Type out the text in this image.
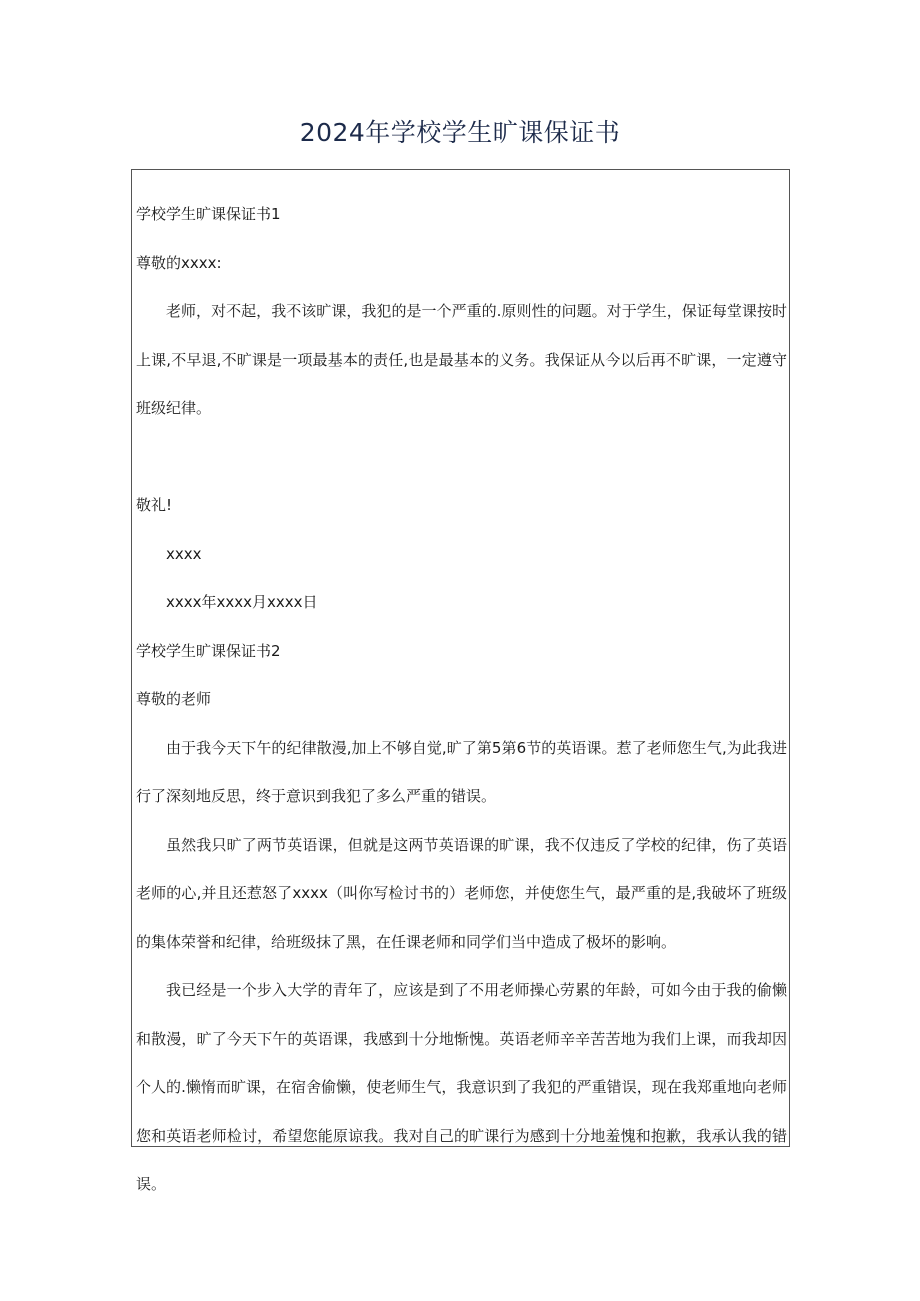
2024年学校学生旷课保证书

学校学生旷课保证书1

尊敬的xxxx:

老师，对不起，我不该旷课，我犯的是一个严重的.原则性的问题。对于学生，保证每堂课按时上课,不早退,不旷课是一项最基本的责任,也是最基本的义务。我保证从今以后再不旷课，一定遵守班级纪律。

敬礼!

xxxx

xxxx年xxxx月xxxx日

学校学生旷课保证书2

尊敬的老师

由于我今天下午的纪律散漫,加上不够自觉,旷了第5第6节的英语课。惹了老师您生气,为此我进行了深刻地反思，终于意识到我犯了多么严重的错误。

虽然我只旷了两节英语课，但就是这两节英语课的旷课，我不仅违反了学校的纪律，伤了英语老师的心,并且还惹怒了xxxx（叫你写检讨书的）老师您，并使您生气，最严重的是,我破坏了班级的集体荣誉和纪律，给班级抹了黑，在任课老师和同学们当中造成了极坏的影响。

我已经是一个步入大学的青年了，应该是到了不用老师操心劳累的年龄，可如今由于我的偷懒和散漫，旷了今天下午的英语课，我感到十分地惭愧。英语老师辛辛苦苦地为我们上课，而我却因个人的.懒惰而旷课，在宿舍偷懒，使老师生气，我意识到了我犯的严重错误，现在我郑重地向老师您和英语老师检讨，希望您能原谅我。我对自己的旷课行为感到十分地羞愧和抱歉，我承认我的错误。
